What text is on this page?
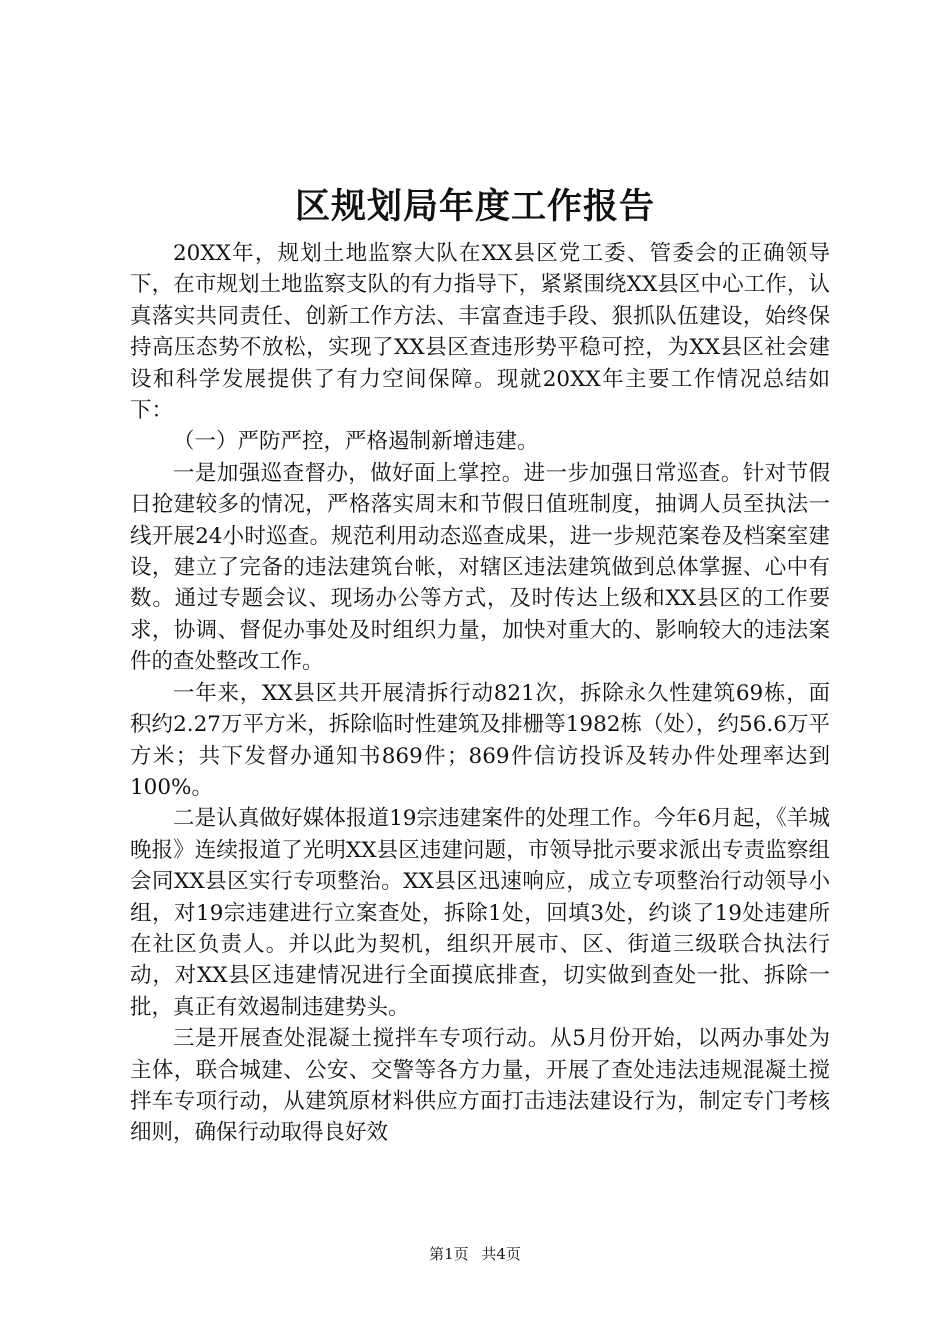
区规划局年度工作报告

20XX年，规划土地监察大队在XX县区党工委、管委会的正确领导下，在市规划土地监察支队的有力指导下，紧紧围绕XX县区中心工作，认真落实共同责任、创新工作方法、丰富查违手段、狠抓队伍建设，始终保持高压态势不放松，实现了XX县区查违形势平稳可控，为XX县区社会建设和科学发展提供了有力空间保障。现就20XX年主要工作情况总结如下：

（一）严防严控，严格遏制新增违建。

一是加强巡查督办，做好面上掌控。进一步加强日常巡查。针对节假日抢建较多的情况，严格落实周末和节假日值班制度，抽调人员至执法一线开展24小时巡查。规范利用动态巡查成果，进一步规范案卷及档案室建设，建立了完备的违法建筑台帐，对辖区违法建筑做到总体掌握、心中有数。通过专题会议、现场办公等方式，及时传达上级和XX县区的工作要求，协调、督促办事处及时组织力量，加快对重大的、影响较大的违法案件的查处整改工作。

一年来，XX县区共开展清拆行动821次，拆除永久性建筑69栋，面积约2.27万平方米，拆除临时性建筑及排栅等1982栋（处），约56.6万平方米；共下发督办通知书869件；869件信访投诉及转办件处理率达到100%。

二是认真做好媒体报道19宗违建案件的处理工作。今年6月起，《羊城晚报》连续报道了光明XX县区违建问题，市领导批示要求派出专责监察组会同XX县区实行专项整治。XX县区迅速响应，成立专项整治行动领导小组，对19宗违建进行立案查处，拆除1处，回填3处，约谈了19处违建所在社区负责人。并以此为契机，组织开展市、区、街道三级联合执法行动，对XX县区违建情况进行全面摸底排查，切实做到查处一批、拆除一批，真正有效遏制违建势头。

三是开展查处混凝土搅拌车专项行动。从5月份开始，以两办事处为主体，联合城建、公安、交警等各方力量，开展了查处违法违规混凝土搅拌车专项行动，从建筑原材料供应方面打击违法建设行为，制定专门考核细则，确保行动取得良好效

第1页 共4页
